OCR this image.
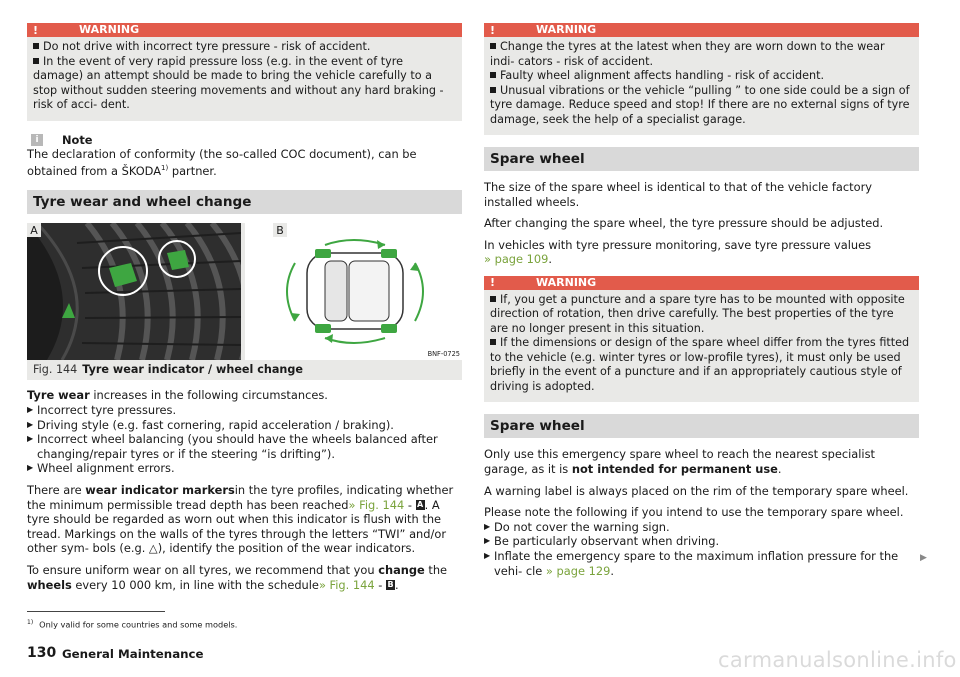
!	WARNING

Do not drive with incorrect tyre pressure - risk of accident.

In the event of very rapid pressure loss (e.g. in the event of tyre damage) an attempt should be made to bring the vehicle carefully to a stop without sudden steering movements and without any hard braking - risk of acci- dent.

i	Note

The declaration of conformity (the so-called COC document), can be obtained from a ŠKODA$^{1)}$ partner.

Tyre wear and wheel change
A	B
BNF-0725
Fig. 144 Tyre wear indicator / wheel change

Tyre wear increases in the following circumstances.

▶ Incorrect tyre pressures.
▶ Driving style (e.g. fast cornering, rapid acceleration / braking).
▶ Incorrect wheel balancing (you should have the wheels balanced after changing/repair tyres or if the steering “is drifting”).
▶ Wheel alignment errors.

There are wear indicator markersin the tyre profiles, indicating whether the minimum permissible tread depth has been reached» Fig. 144 - A. A tyre should be regarded as worn out when this indicator is flush with the tread. Markings on the walls of the tyres through the letters “TWI” and/or other sym- bols (e.g. △), identify the position of the wear indicators.

To ensure uniform wear on all tyres, we recommend that you change the wheels every 10 000 km, in line with the schedule» Fig. 144 - B.

!	WARNING

Change the tyres at the latest when they are worn down to the wear indi- cators - risk of accident.

Faulty wheel alignment affects handling - risk of accident.

Unusual vibrations or the vehicle “pulling ” to one side could be a sign of tyre damage. Reduce speed and stop! If there are no external signs of tyre damage, seek the help of a specialist garage.

Spare wheel

The size of the spare wheel is identical to that of the vehicle factory installed wheels.

After changing the spare wheel, the tyre pressure should be adjusted.

In vehicles with tyre pressure monitoring, save tyre pressure values
» page 109.

!	WARNING

If, you get a puncture and a spare tyre has to be mounted with opposite direction of rotation, then drive carefully. The best properties of the tyre are no longer present in this situation.

If the dimensions or design of the spare wheel differ from the tyres fitted to the vehicle (e.g. winter tyres or low-profile tyres), it must only be used briefly in the event of a puncture and if an appropriately cautious style of driving is adopted.

Spare wheel

Only use this emergency spare wheel to reach the nearest specialist garage, as it is not intended for permanent use.

A warning label is always placed on the rim of the temporary spare wheel.

Please note the following if you intend to use the temporary spare wheel.

▶ Do not cover the warning sign.
▶ Be particularly observant when driving.
▶ Inflate the emergency spare to the maximum inflation pressure for the vehi- cle » page 129.
▶
$^{1)}$ Only valid for some countries and some models.
130 General Maintenance	carmanualsonline.info
